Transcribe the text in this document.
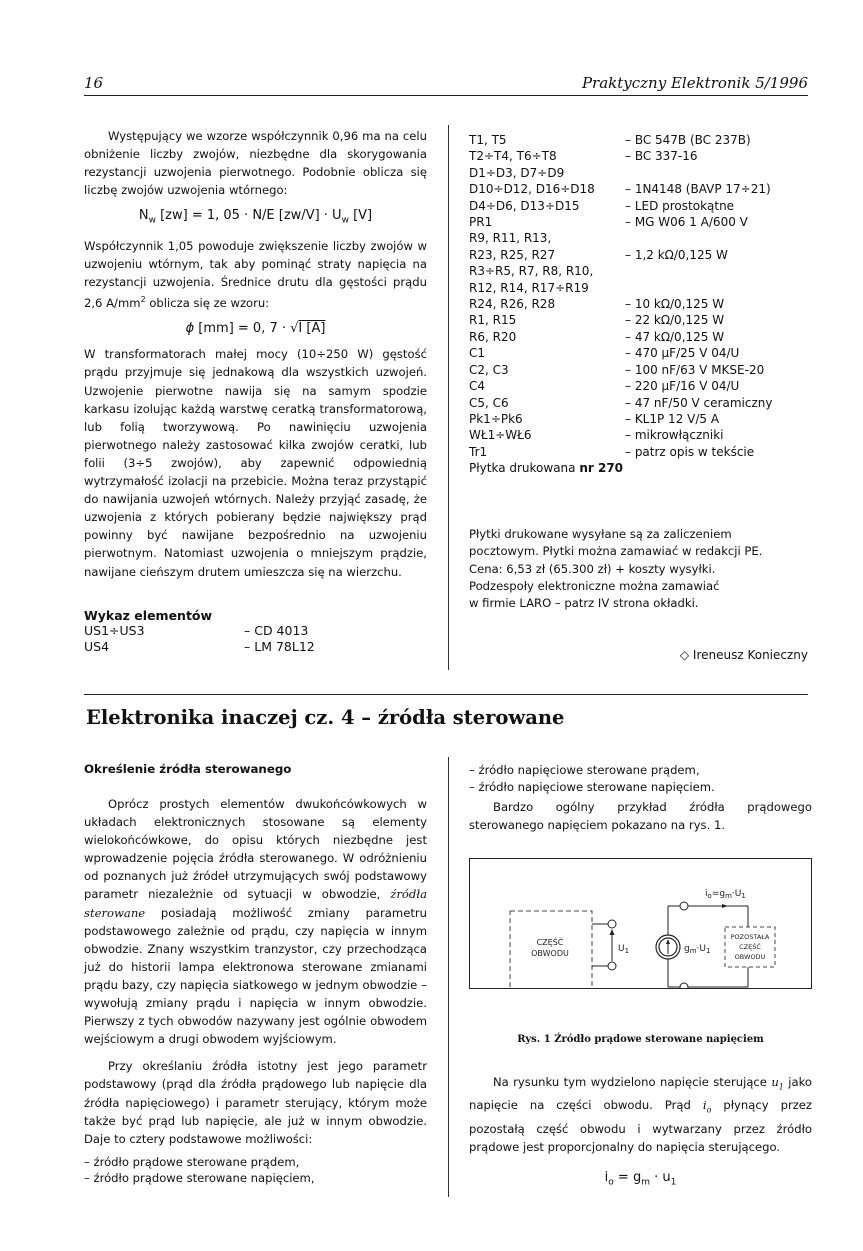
16	Praktyczny Elektronik 5/1996

Występujący we wzorze współczynnik 0,96 ma na celu obniżenie liczby zwojów, niezbędne dla skorygowania rezystancji uzwojenia pierwotnego. Podobnie oblicza się liczbę zwojów uzwojenia wtórnego:

$N_w$ [zw] = 1, 05 · N/E $[zw/V] \cdot U_w$ [V]

Współczynnik 1,05 powoduje zwiększenie liczby zwojów w uzwojeniu wtórnym, tak aby pominąć straty napięcia na rezystancji uzwojenia. Średnice drutu dla gęstości prądu 2,6 $A/mm^2$ oblicza się ze wzoru:

ϕ [mm] = 0, 7 · √I [A]

W transformatorach małej mocy (10÷250 W) gęstość prądu przyjmuje się jednakową dla wszystkich uzwojeń. Uzwojenie pierwotne nawija się na samym spodzie karkasu izolując każdą warstwę ceratką transformatorową, lub folią tworzywową. Po nawinięciu uzwojenia pierwotnego należy zastosować kilka zwojów ceratki, lub folii (3÷5 zwojów), aby zapewnić odpowiednią wytrzymałość izolacji na przebicie. Można teraz przystąpić do nawijania uzwojeń wtórnych. Należy przyjąć zasadę, że uzwojenia z których pobierany będzie największy prąd powinny być nawijane bezpośrednio na uzwojeniu pierwotnym. Natomiast uzwojenia o mniejszym prądzie, nawijane cieńszym drutem umieszcza się na wierzchu.

Wykaz elementów
US1÷US3	– CD 4013
US4	– LM 78L12
T1, T5	– BC 547B (BC 237B)
T2÷T4, T6÷T8	– BC 337-16
D1÷D3, D7÷D9
D10÷D12, D16÷D18	– 1N4148 (BAVP 17÷21)
D4÷D6, D13÷D15	– LED prostokątne
PR1	– MG W06 1 A/600 V
R9, R11, R13,
R23, R25, R27	– 1,2 kΩ/0,125 W
R3÷R5, R7, R8, R10,
R12, R14, R17÷R19
R24, R26, R28	– 10 kΩ/0,125 W
R1, R15	– 22 kΩ/0,125 W
R6, R20	– 47 kΩ/0,125 W
C1	– 470 µF/25 V 04/U
C2, C3	– 100 nF/63 V MKSE-20
C4	– 220 µF/16 V 04/U
C5, C6	– 47 nF/50 V ceramiczny
Pk1÷Pk6	– KL1P 12 V/5 A
WŁ1÷WŁ6	– mikrowłączniki
Tr1	– patrz opis w tekście
Płytka drukowana nr 270
Płytki drukowane wysyłane są za zaliczeniem
pocztowym. Płytki można zamawiać w redakcji PE.
Cena: 6,53 zł (65.300 zł) + koszty wysyłki.
Podzespoły elektroniczne można zamawiać
w firmie LARO – patrz IV strona okładki.
◇ Ireneusz Konieczny
Elektronika inaczej cz. 4 – źródła sterowane
Określenie źródła sterowanego

Oprócz prostych elementów dwukońcówkowych w układach elektronicznych stosowane są elementy wielokońcówkowe, do opisu których niezbędne jest wprowadzenie pojęcia źródła sterowanego. W odróżnieniu od poznanych już źródeł utrzymujących swój podstawowy parametr niezależnie od sytuacji w obwodzie, źródła sterowane posiadają możliwość zmiany parametru podstawowego zależnie od prądu, czy napięcia w innym obwodzie. Znany wszystkim tranzystor, czy przechodząca już do historii lampa elektronowa sterowane zmianami prądu bazy, czy napięcia siatkowego w jednym obwodzie – wywołują zmiany prądu i napięcia w innym obwodzie. Pierwszy z tych obwodów nazywany jest ogólnie obwodem wejściowym a drugi obwodem wyjściowym.

Przy określaniu źródła istotny jest jego parametr podstawowy (prąd dla źródła prądowego lub napięcie dla źródła napięciowego) i parametr sterujący, którym może także być prąd lub napięcie, ale już w innym obwodzie. Daje to cztery podstawowe możliwości:

– źródło prądowe sterowane prądem,
– źródło prądowe sterowane napięciem,
– źródło napięciowe sterowane prądem,
– źródło napięciowe sterowane napięciem.

Bardzo ogólny przykład źródła prądowego sterowanego napięciem pokazano na rys. 1.

CZĘŚĆ
OBWODU	$U_1$	$g_m\cdot U_1$
$i_o=g_m\cdot U_1$
POZOSTAŁA
CZĘŚĆ
OBWODU
Rys. 1 Źródło prądowe sterowane napięciem

Na rysunku tym wydzielono napięcie sterujące $u_1$ jako napięcie na części obwodu. Prąd $i_o$ płynący przez pozostałą część obwodu i wytwarzany przez źródło prądowe jest proporcjonalny do napięcia sterującego.

$i_o = g_m \cdot u_1$
